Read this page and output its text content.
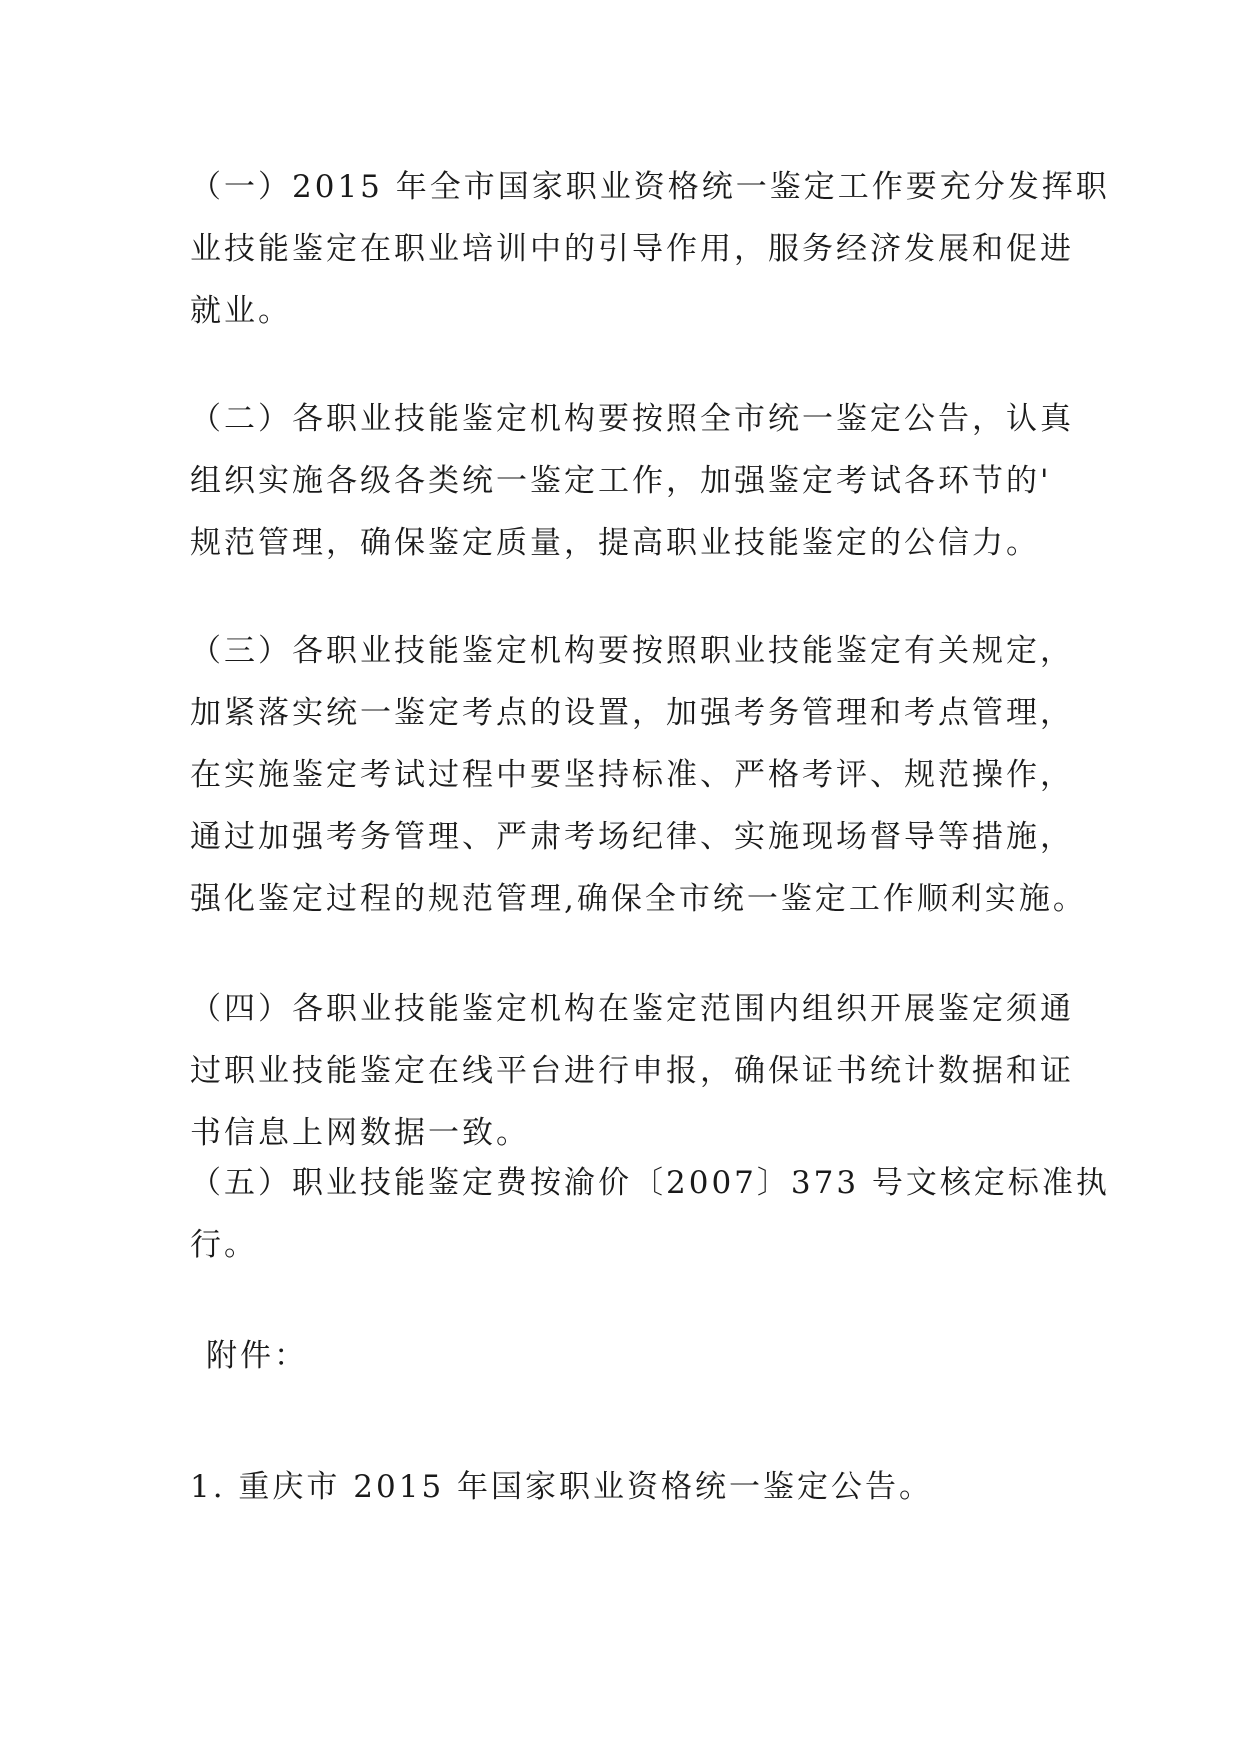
（一）2015 年全市国家职业资格统一鉴定工作要充分发挥职
业技能鉴定在职业培训中的引导作用，服务经济发展和促进
就业。
（二）各职业技能鉴定机构要按照全市统一鉴定公告，认真
组织实施各级各类统一鉴定工作，加强鉴定考试各环节的'
规范管理，确保鉴定质量，提高职业技能鉴定的公信力。
（三）各职业技能鉴定机构要按照职业技能鉴定有关规定，
加紧落实统一鉴定考点的设置，加强考务管理和考点管理，
在实施鉴定考试过程中要坚持标准、严格考评、规范操作，
通过加强考务管理、严肃考场纪律、实施现场督导等措施，
强化鉴定过程的规范管理,确保全市统一鉴定工作顺利实施。
（四）各职业技能鉴定机构在鉴定范围内组织开展鉴定须通
过职业技能鉴定在线平台进行申报，确保证书统计数据和证
书信息上网数据一致。
（五）职业技能鉴定费按渝价〔2007〕373 号文核定标准执
行。
附件：
1. 重庆市 2015 年国家职业资格统一鉴定公告。
